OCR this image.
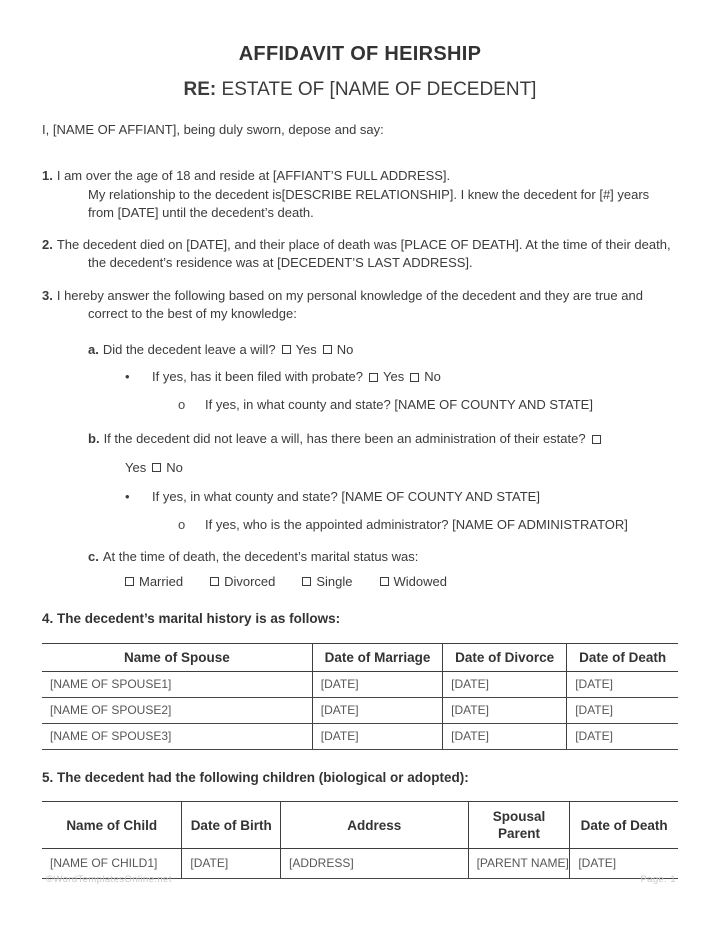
AFFIDAVIT OF HEIRSHIP
RE: ESTATE OF [NAME OF DECEDENT]
I, [NAME OF AFFIANT], being duly sworn, depose and say:
1. I am over the age of 18 and reside at [AFFIANT’S FULL ADDRESS].
My relationship to the decedent is[DESCRIBE RELATIONSHIP]. I knew the decedent for [#] years from [DATE] until the decedent’s death.
2. The decedent died on [DATE], and their place of death was [PLACE OF DEATH]. At the time of their death, the decedent’s residence was at [DECEDENT’S LAST ADDRESS].
3. I hereby answer the following based on my personal knowledge of the decedent and they are true and correct to the best of my knowledge:
a. Did the decedent leave a will? Yes No
•	If yes, has it been filed with probate? Yes No
o	If yes, in what county and state? [NAME OF COUNTY AND STATE]
b. If the decedent did not leave a will, has there been an administration of their estate?
Yes No
•	If yes, in what county and state? [NAME OF COUNTY AND STATE]
o	If yes, who is the appointed administrator? [NAME OF ADMINISTRATOR]
c. At the time of death, the decedent’s marital status was:
Married	Divorced	Single	Widowed
4. The decedent’s marital history is as follows:
Name of Spouse	Date of Marriage	Date of Divorce	Date of Death
[NAME OF SPOUSE1]	[DATE]	[DATE]	[DATE]
[NAME OF SPOUSE2]	[DATE]	[DATE]	[DATE]
[NAME OF SPOUSE3]	[DATE]	[DATE]	[DATE]
5. The decedent had the following children (biological or adopted):
Name of Child	Date of Birth	Address	Spousal Parent	Date of Death
[NAME OF CHILD1]	[DATE]	[ADDRESS]	[PARENT NAME]	[DATE]
©WordTemplatesOnline.net	Page. 1
